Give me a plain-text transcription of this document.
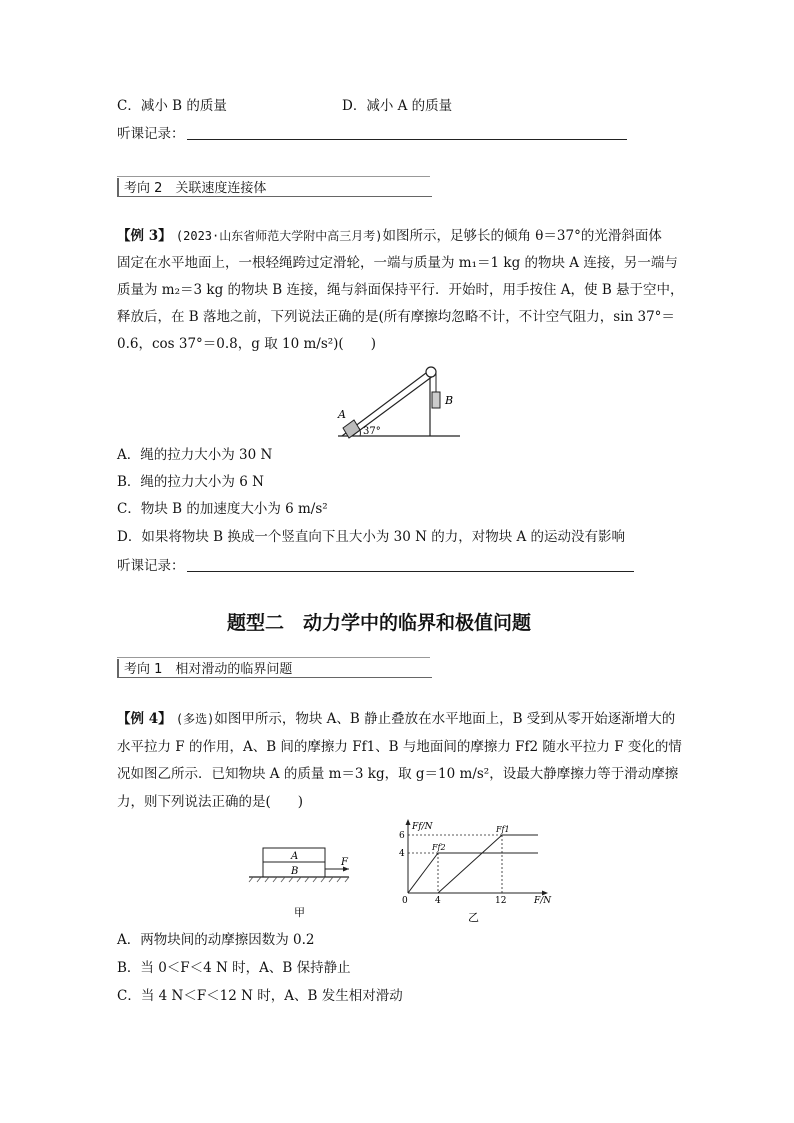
C．减小 B 的质量	D．减小 A 的质量
听课记录：
考向 2　关联速度连接体
【例 3】 (2023·山东省师范大学附中高三月考)如图所示，足够长的倾角 θ＝37°的光滑斜面体
固定在水平地面上，一根轻绳跨过定滑轮，一端与质量为 m₁＝1 kg 的物块 A 连接，另一端与
质量为 m₂＝3 kg 的物块 B 连接，绳与斜面保持平行．开始时，用手按住 A，使 B 悬于空中，
释放后，在 B 落地之前，下列说法正确的是(所有摩擦均忽略不计，不计空气阻力，sin 37°＝
0.6，cos 37°＝0.8，g 取 10 m/s²)(　　)
A
B
37°
A．绳的拉力大小为 30 N
B．绳的拉力大小为 6 N
C．物块 B 的加速度大小为 6 m/s²
D．如果将物块 B 换成一个竖直向下且大小为 30 N 的力，对物块 A 的运动没有影响
听课记录：
题型二　动力学中的临界和极值问题
考向 1　相对滑动的临界问题
【例 4】 (多选)如图甲所示，物块 A、B 静止叠放在水平地面上，B 受到从零开始逐渐增大的
水平拉力 F 的作用，A、B 间的摩擦力 Ff1、B 与地面间的摩擦力 Ff2 随水平拉力 F 变化的情
况如图乙所示．已知物块 A 的质量 m＝3 kg，取 g＝10 m/s²，设最大静摩擦力等于滑动摩擦
力，则下列说法正确的是(　　)
A
B
F
甲
Ff/N
F/N
6
4
0	4	12
Ff1
Ff2
乙
A．两物块间的动摩擦因数为 0.2
B．当 0＜F＜4 N 时，A、B 保持静止
C．当 4 N＜F＜12 N 时，A、B 发生相对滑动
